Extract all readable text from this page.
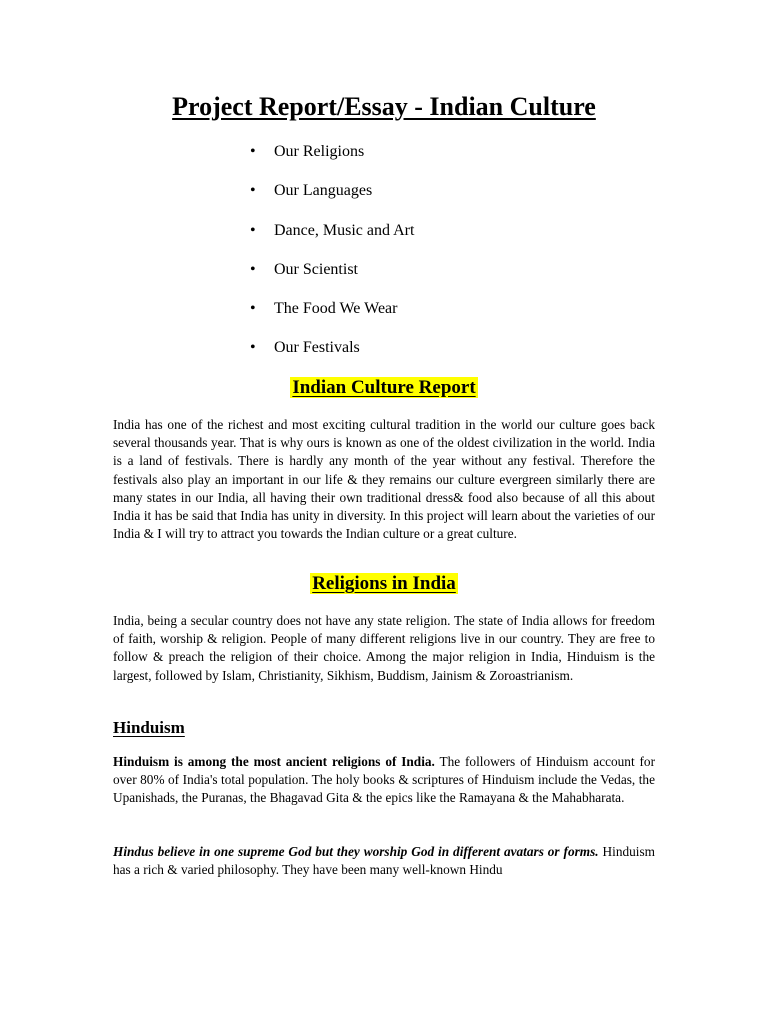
Project Report/Essay - Indian Culture
• Our Religions
• Our Languages
• Dance, Music and Art
• Our Scientist
• The Food We Wear
• Our Festivals
Indian Culture Report

India has one of the richest and most exciting cultural tradition in the world our culture goes back several thousands year. That is why ours is known as one of the oldest civilization in the world. India is a land of festivals. There is hardly any month of the year without any festival. Therefore the festivals also play an important in our life & they remains our culture evergreen similarly there are many states in our India, all having their own traditional dress& food also because of all this about India it has be said that India has unity in diversity. In this project will learn about the varieties of our India & I will try to attract you towards the Indian culture or a great culture.

Religions in India

India, being a secular country does not have any state religion. The state of India allows for freedom of faith, worship & religion. People of many different religions live in our country. They are free to follow & preach the religion of their choice. Among the major religion in India, Hinduism is the largest, followed by Islam, Christianity, Sikhism, Buddism, Jainism & Zoroastrianism.

Hinduism

Hinduism is among the most ancient religions of India. The followers of Hinduism account for over 80% of India's total population. The holy books & scriptures of Hinduism include the Vedas, the Upanishads, the Puranas, the Bhagavad Gita & the epics like the Ramayana & the Mahabharata.

Hindus believe in one supreme God but they worship God in different avatars or forms. Hinduism has a rich & varied philosophy. They have been many well-known Hindu
